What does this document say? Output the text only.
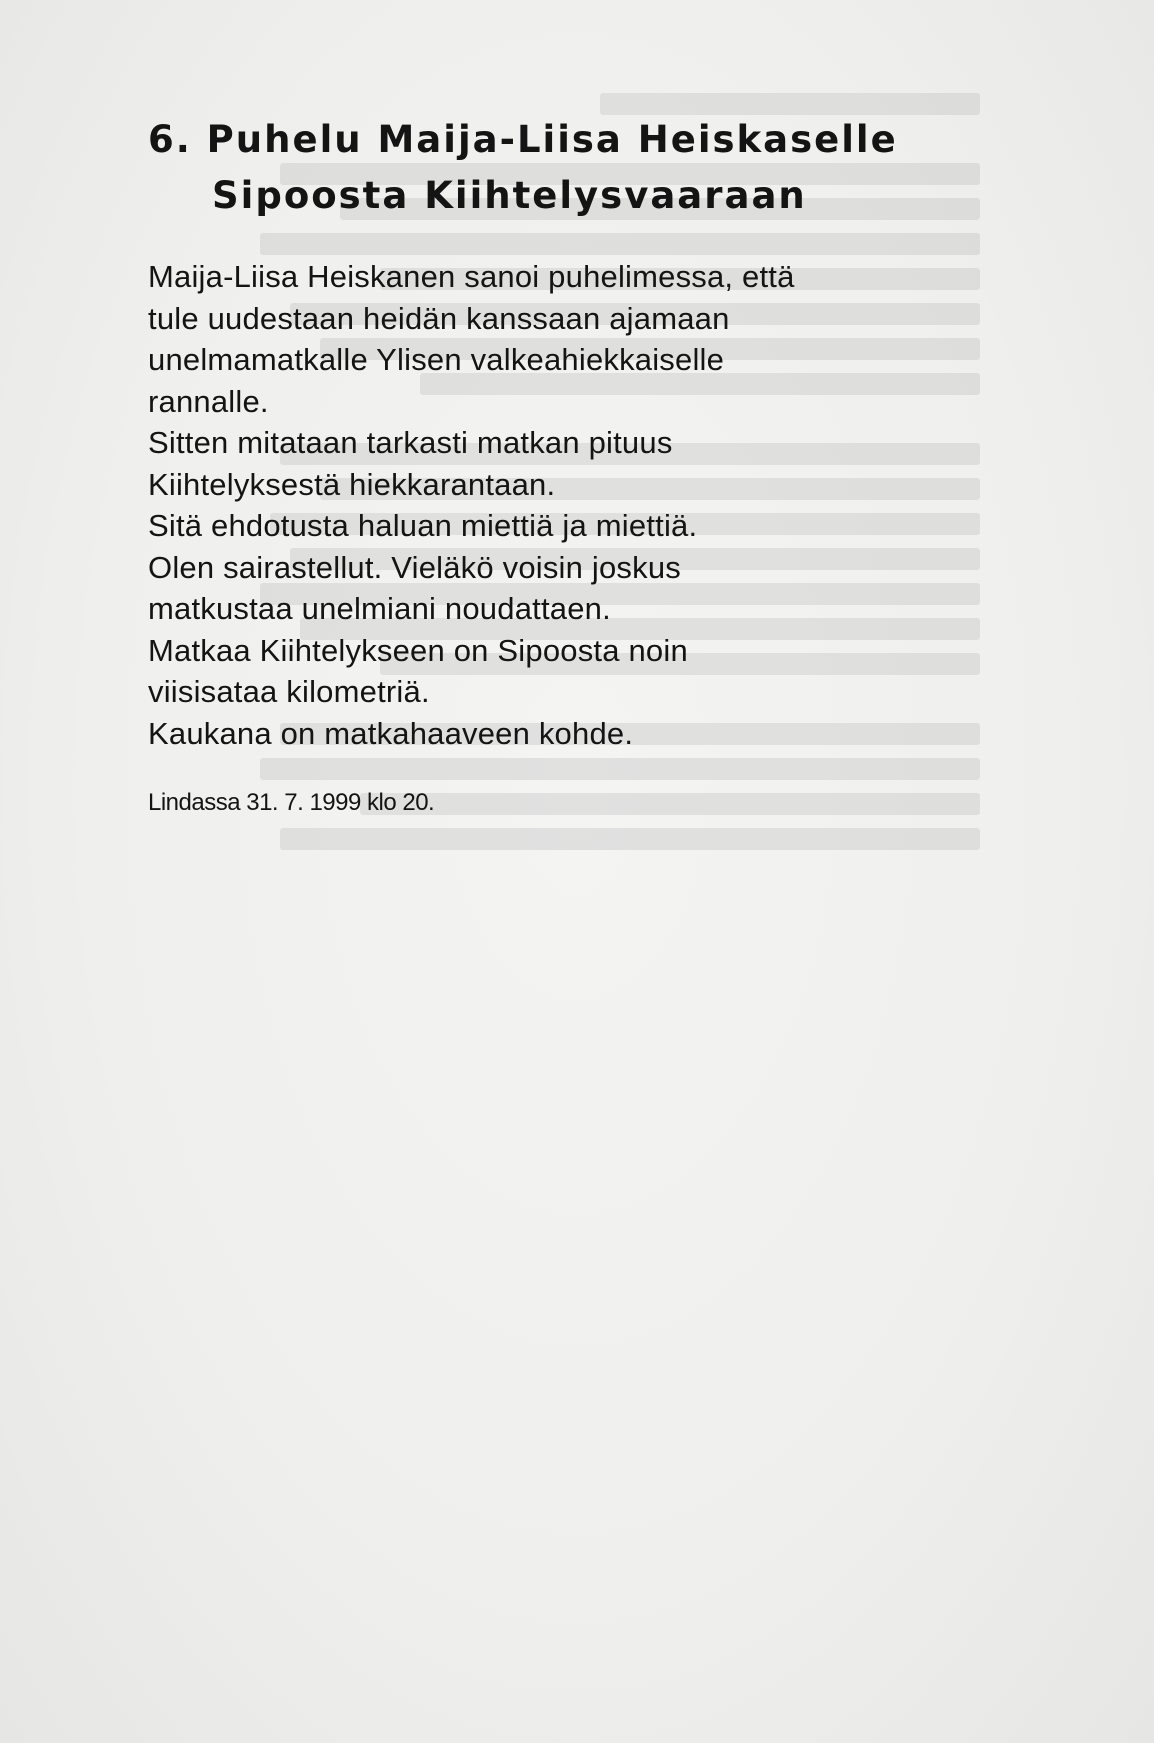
6. Puhelu Maija-Liisa Heiskaselle
Sipoosta Kiihtelysvaaraan
Maija-Liisa Heiskanen sanoi puhelimessa, että
tule uudestaan heidän kanssaan ajamaan
unelmamatkalle Ylisen valkeahiekkaiselle
rannalle.
Sitten mitataan tarkasti matkan pituus
Kiihtelyksestä hiekkarantaan.
Sitä ehdotusta haluan miettiä ja miettiä.
Olen sairastellut. Vieläkö voisin joskus
matkustaa unelmiani noudattaen.
Matkaa Kiihtelykseen on Sipoosta noin
viisisataa kilometriä.
Kaukana on matkahaaveen kohde.
Lindassa 31. 7. 1999 klo 20.
